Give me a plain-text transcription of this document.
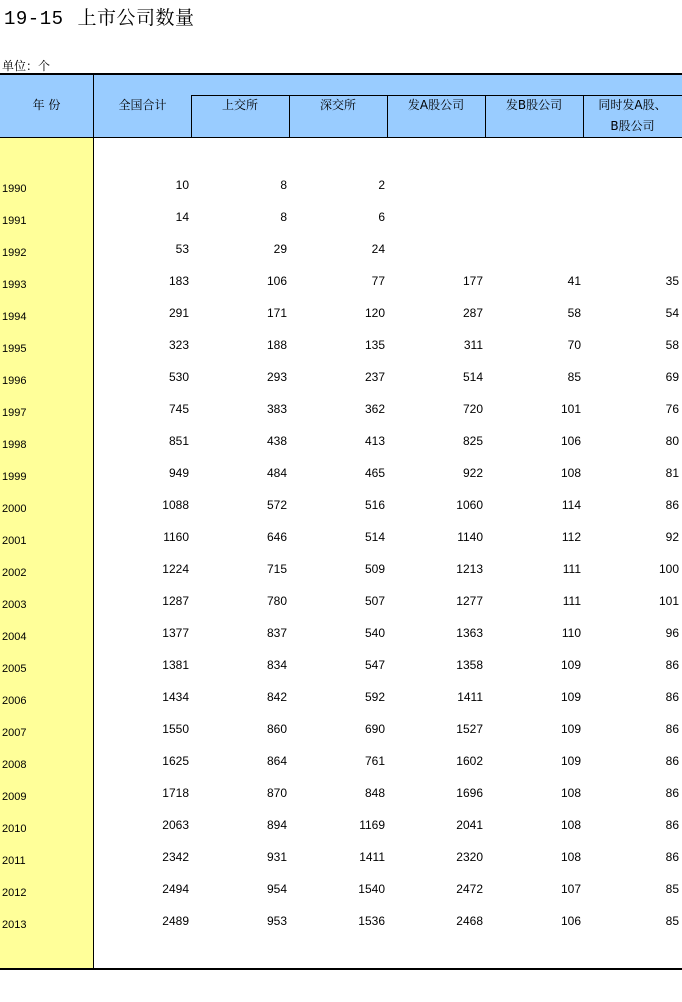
19-15 上市公司数量
单位：个
年 份	全国合计	上交所	深交所	发A股公司	发B股公司	同时发A股、
B股公司
1990	10	8	2
1991	14	8	6
1992	53	29	24
1993	183	106	77	177	41	35
1994	291	171	120	287	58	54
1995	323	188	135	311	70	58
1996	530	293	237	514	85	69
1997	745	383	362	720	101	76
1998	851	438	413	825	106	80
1999	949	484	465	922	108	81
2000	1088	572	516	1060	114	86
2001	1160	646	514	1140	112	92
2002	1224	715	509	1213	111	100
2003	1287	780	507	1277	111	101
2004	1377	837	540	1363	110	96
2005	1381	834	547	1358	109	86
2006	1434	842	592	1411	109	86
2007	1550	860	690	1527	109	86
2008	1625	864	761	1602	109	86
2009	1718	870	848	1696	108	86
2010	2063	894	1169	2041	108	86
2011	2342	931	1411	2320	108	86
2012	2494	954	1540	2472	107	85
2013	2489	953	1536	2468	106	85
